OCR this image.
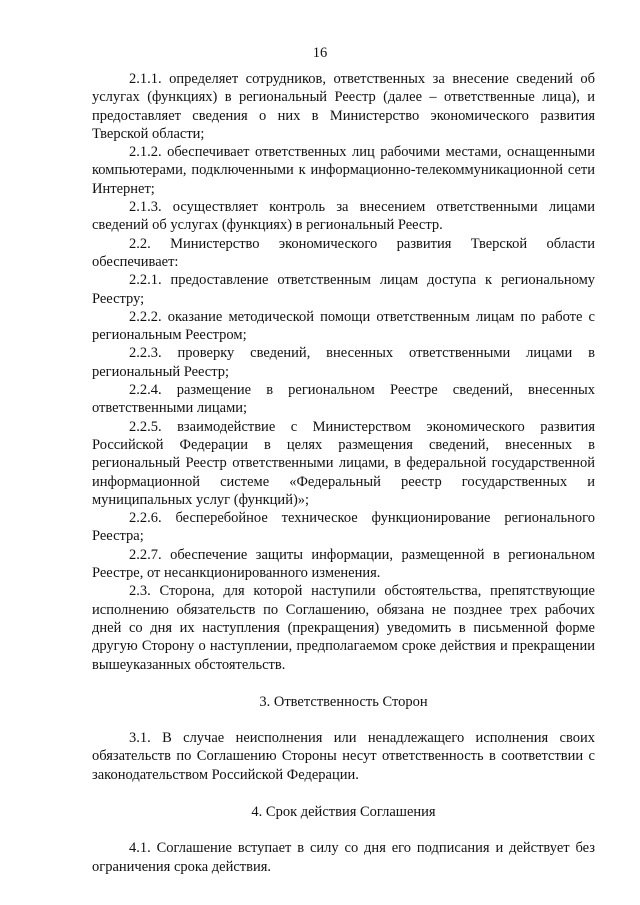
16

2.1.1. определяет сотрудников, ответственных за внесение сведений об услугах (функциях) в региональный Реестр (далее – ответственные лица), и предоставляет сведения о них в Министерство экономического развития Тверской области;

2.1.2. обеспечивает ответственных лиц рабочими местами, оснащенными компьютерами, подключенными к информационно-телекоммуникационной сети Интернет;

2.1.3. осуществляет контроль за внесением ответственными лицами сведений об услугах (функциях) в региональный Реестр.

2.2. Министерство экономического развития Тверской области обеспечивает:

2.2.1. предоставление ответственным лицам доступа к региональному Реестру;

2.2.2. оказание методической помощи ответственным лицам по работе с региональным Реестром;

2.2.3. проверку сведений, внесенных ответственными лицами в региональный Реестр;

2.2.4. размещение в региональном Реестре сведений, внесенных ответственными лицами;

2.2.5. взаимодействие с Министерством экономического развития Российской Федерации в целях размещения сведений, внесенных в региональный Реестр ответственными лицами, в федеральной государственной информационной системе «Федеральный реестр государственных и муниципальных услуг (функций)»;

2.2.6. бесперебойное техническое функционирование регионального Реестра;

2.2.7. обеспечение защиты информации, размещенной в региональном Реестре, от несанкционированного изменения.

2.3. Сторона, для которой наступили обстоятельства, препятствующие исполнению обязательств по Соглашению, обязана не позднее трех рабочих дней со дня их наступления (прекращения) уведомить в письменной форме другую Сторону о наступлении, предполагаемом сроке действия и прекращении вышеуказанных обстоятельств.

3. Ответственность Сторон

3.1. В случае неисполнения или ненадлежащего исполнения своих обязательств по Соглашению Стороны несут ответственность в соответствии с законодательством Российской Федерации.

4. Срок действия Соглашения

4.1. Соглашение вступает в силу со дня его подписания и действует без ограничения срока действия.
